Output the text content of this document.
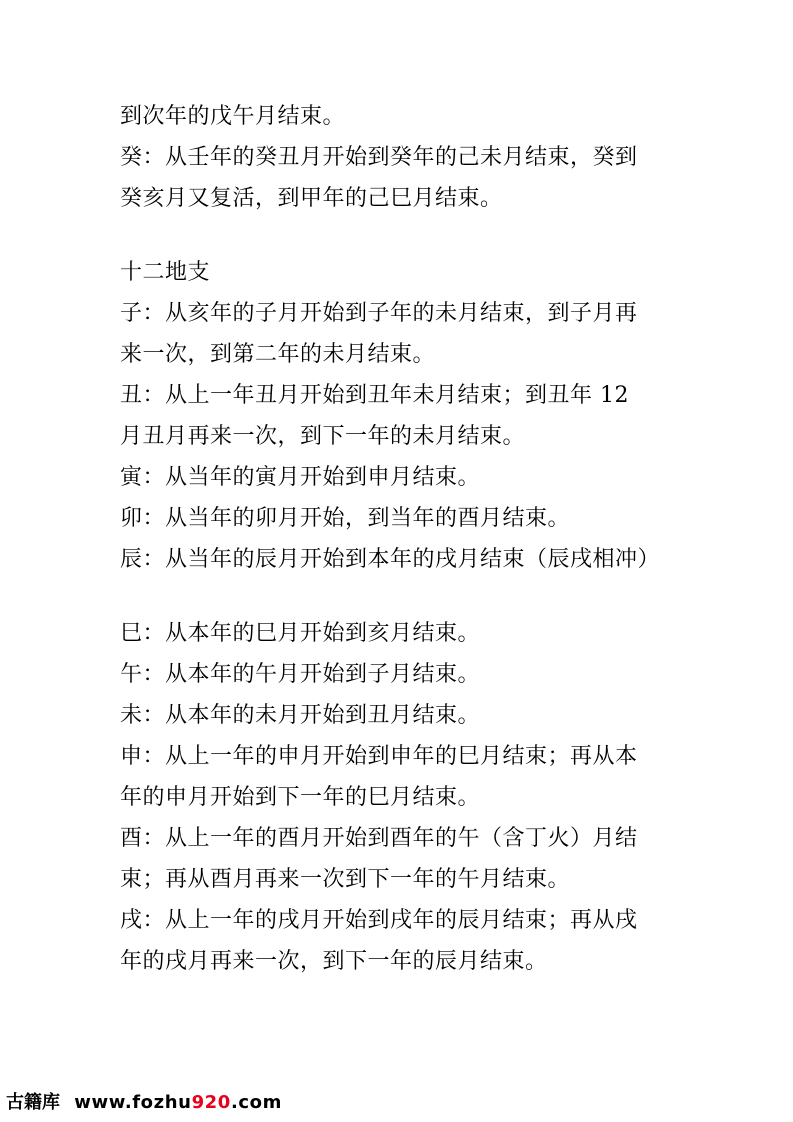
到次年的戊午月结束。
癸：从壬年的癸丑月开始到癸年的己未月结束，癸到
癸亥月又复活，到甲年的己巳月结束。
十二地支
子：从亥年的子月开始到子年的未月结束，到子月再
来一次，到第二年的未月结束。
丑：从上一年丑月开始到丑年未月结束；到丑年 12
月丑月再来一次，到下一年的未月结束。
寅：从当年的寅月开始到申月结束。
卯：从当年的卯月开始，到当年的酉月结束。
辰：从当年的辰月开始到本年的戌月结束（辰戌相冲）
巳：从本年的巳月开始到亥月结束。
午：从本年的午月开始到子月结束。
未：从本年的未月开始到丑月结束。
申：从上一年的申月开始到申年的巳月结束；再从本
年的申月开始到下一年的巳月结束。
酉：从上一年的酉月开始到酉年的午（含丁火）月结
束；再从酉月再来一次到下一年的午月结束。
戌：从上一年的戌月开始到戌年的辰月结束；再从戌
年的戌月再来一次，到下一年的辰月结束。
古籍库 www.fozhu920.com
